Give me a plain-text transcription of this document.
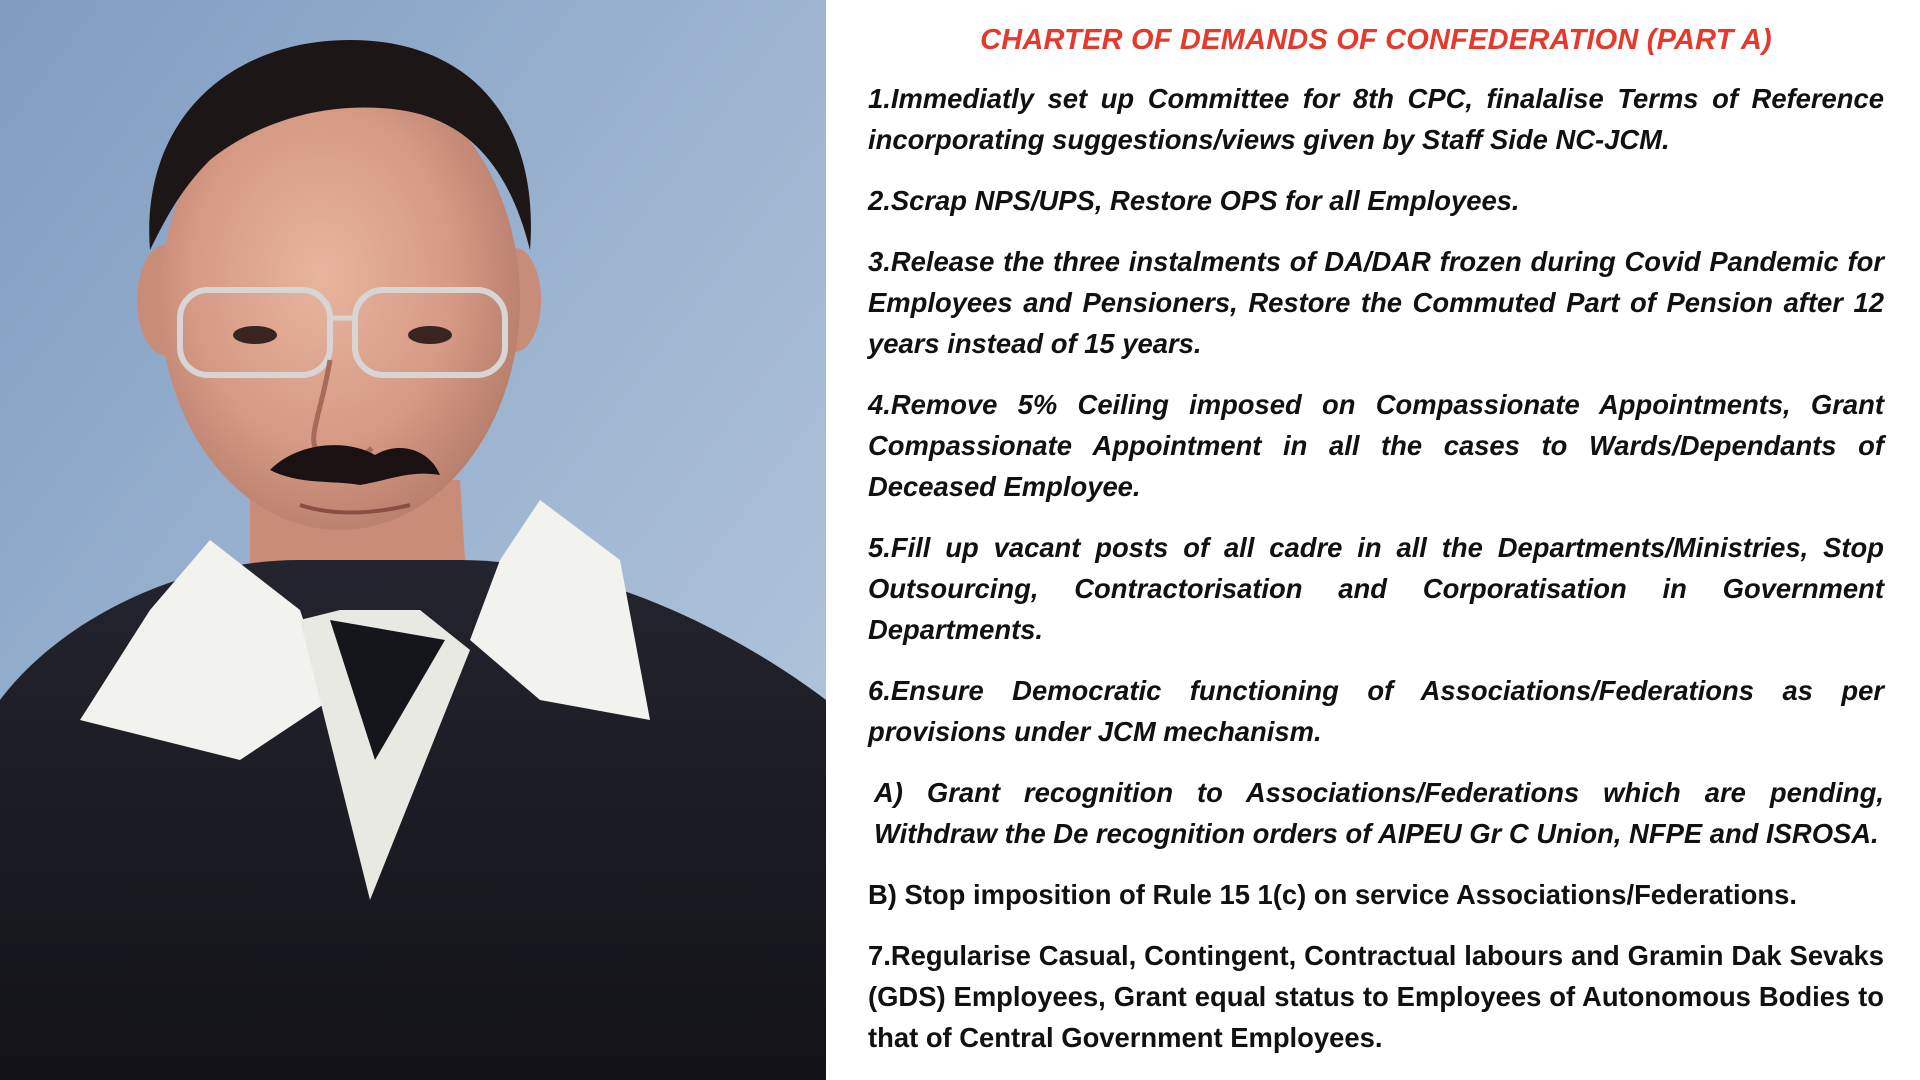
CHARTER OF DEMANDS OF CONFEDERATION (PART A)

1.Immediatly set up Committee for 8th CPC, finalalise Terms of Reference incorporating suggestions/views given by Staff Side NC-JCM.

2.Scrap NPS/UPS, Restore OPS for all Employees.

3.Release the three instalments of DA/DAR frozen during Covid Pandemic for Employees and Pensioners, Restore the Commuted Part of Pension after 12 years instead of 15 years.

4.Remove 5% Ceiling imposed on Compassionate Appointments, Grant Compassionate Appointment in all the cases to Wards/Dependants of Deceased Employee.

5.Fill up vacant posts of all cadre in all the Departments/Ministries, Stop Outsourcing, Contractorisation and Corporatisation in Government Departments.

6.Ensure Democratic functioning of Associations/Federations as per provisions under JCM mechanism.

A) Grant recognition to Associations/Federations which are pending, Withdraw the De recognition orders of AIPEU Gr C Union, NFPE and ISROSA.

B) Stop imposition of Rule 15 1(c) on service Associations/Federations.

7.Regularise Casual, Contingent, Contractual labours and Gramin Dak Sevaks (GDS) Employees, Grant equal status to Employees of Autonomous Bodies to that of Central Government Employees.
